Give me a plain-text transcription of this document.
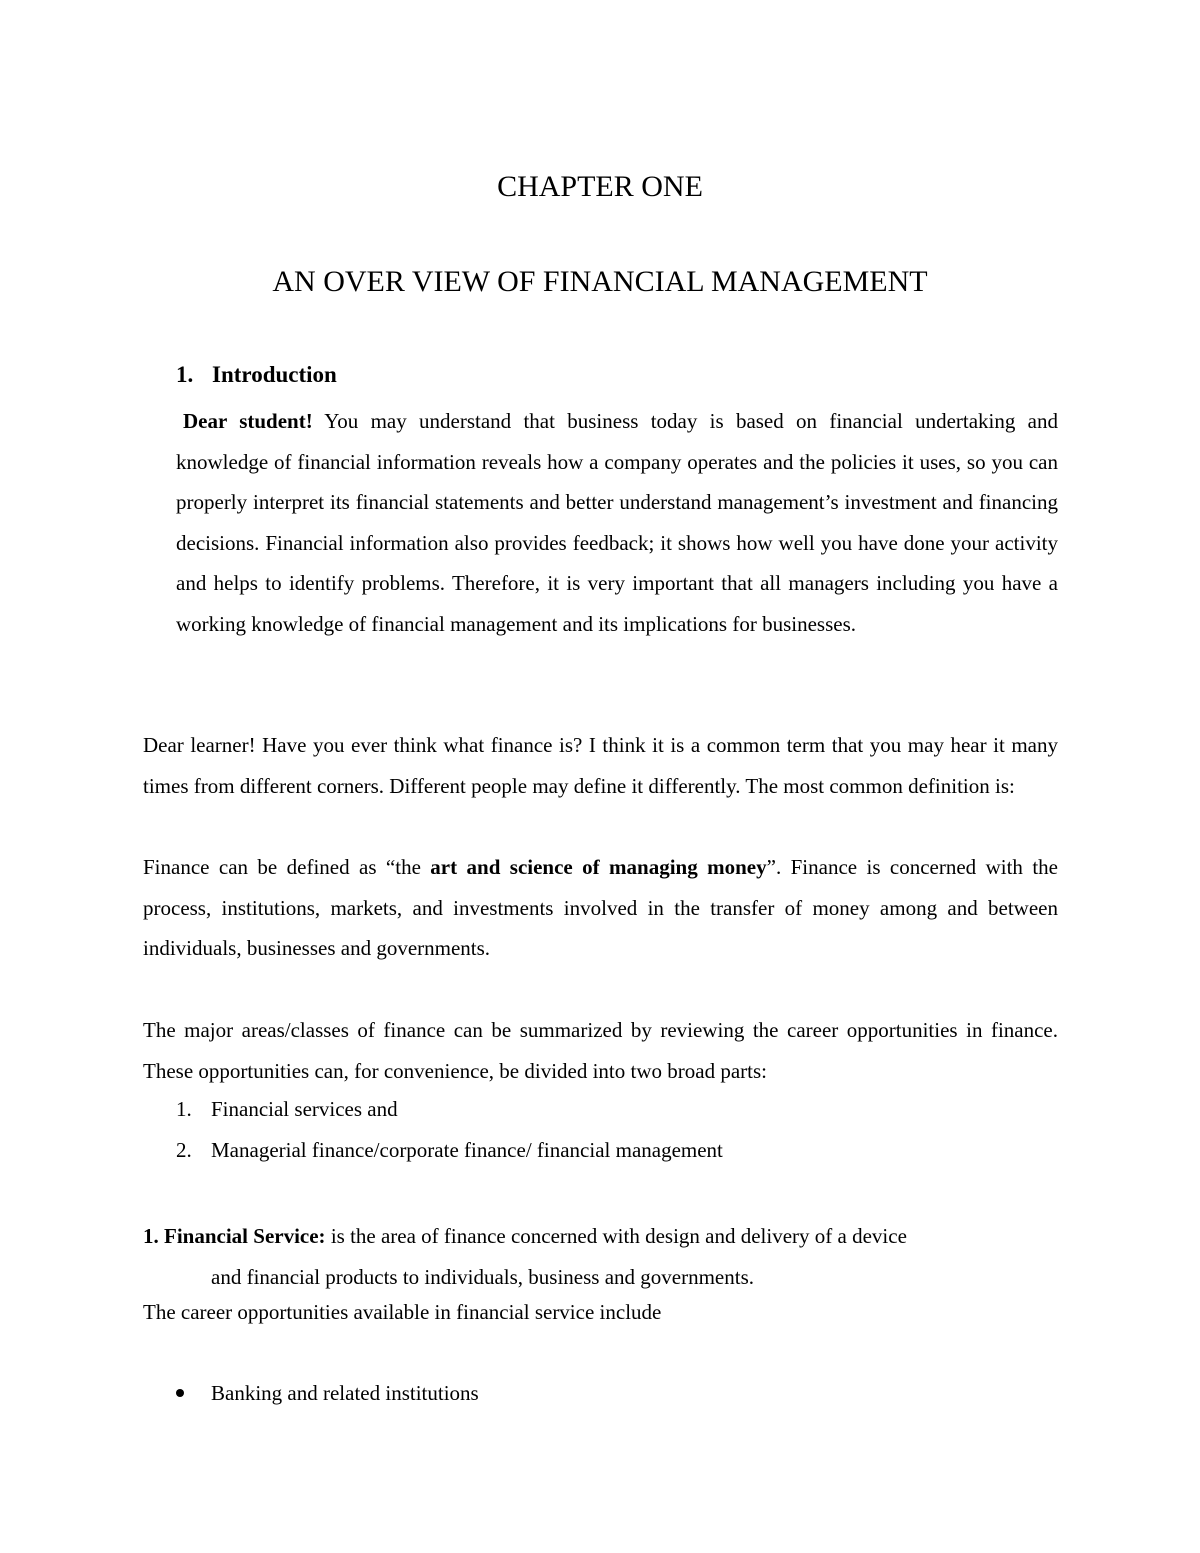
CHAPTER ONE
AN OVER VIEW OF FINANCIAL MANAGEMENT
1. Introduction

Dear student! You may understand that business today is based on financial undertaking and knowledge of financial information reveals how a company operates and the policies it uses, so you can properly interpret its financial statements and better understand management’s investment and financing decisions. Financial information also provides feedback; it shows how well you have done your activity and helps to identify problems. Therefore, it is very important that all managers including you have a working knowledge of financial management and its implications for businesses.

Dear learner! Have you ever think what finance is? I think it is a common term that you may hear it many times from different corners. Different people may define it differently. The most common definition is:

Finance can be defined as “the art and science of managing money”. Finance is concerned with the process, institutions, markets, and investments involved in the transfer of money among and between individuals, businesses and governments.

The major areas/classes of finance can be summarized by reviewing the career opportunities in finance. These opportunities can, for convenience, be divided into two broad parts:

1. Financial services and
2. Managerial finance/corporate finance/ financial management

1. Financial Service: is the area of finance concerned with design and delivery of a device
and financial products to individuals, business and governments.

The career opportunities available in financial service include
Banking and related institutions
